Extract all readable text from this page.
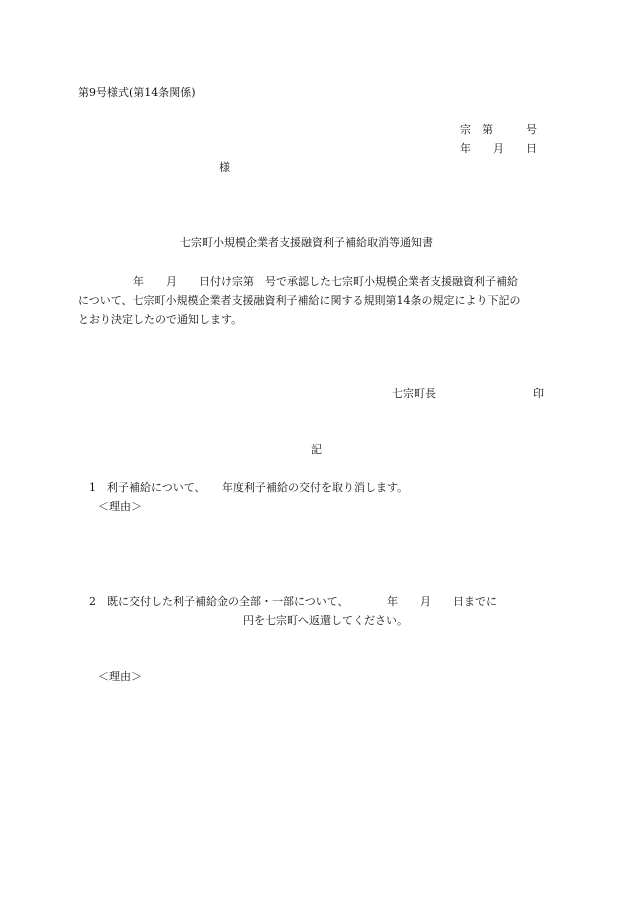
第9号様式(第14条関係)
宗　第　　　号
年　　月　　日
様
七宗町小規模企業者支援融資利子補給取消等通知書
　　　　　年　　月　　日付け宗第　号で承認した七宗町小規模企業者支援融資利子補給
について、七宗町小規模企業者支援融資利子補給に関する規則第14条の規定により下記の
とおり決定したので通知します。
七宗町長	印
記
1　利子補給について、　　年度利子補給の交付を取り消します。
＜理由＞
2　既に交付した利子補給金の全部・一部について、　　　　年　　月　　日までに
円を七宗町へ返還してください。
＜理由＞
